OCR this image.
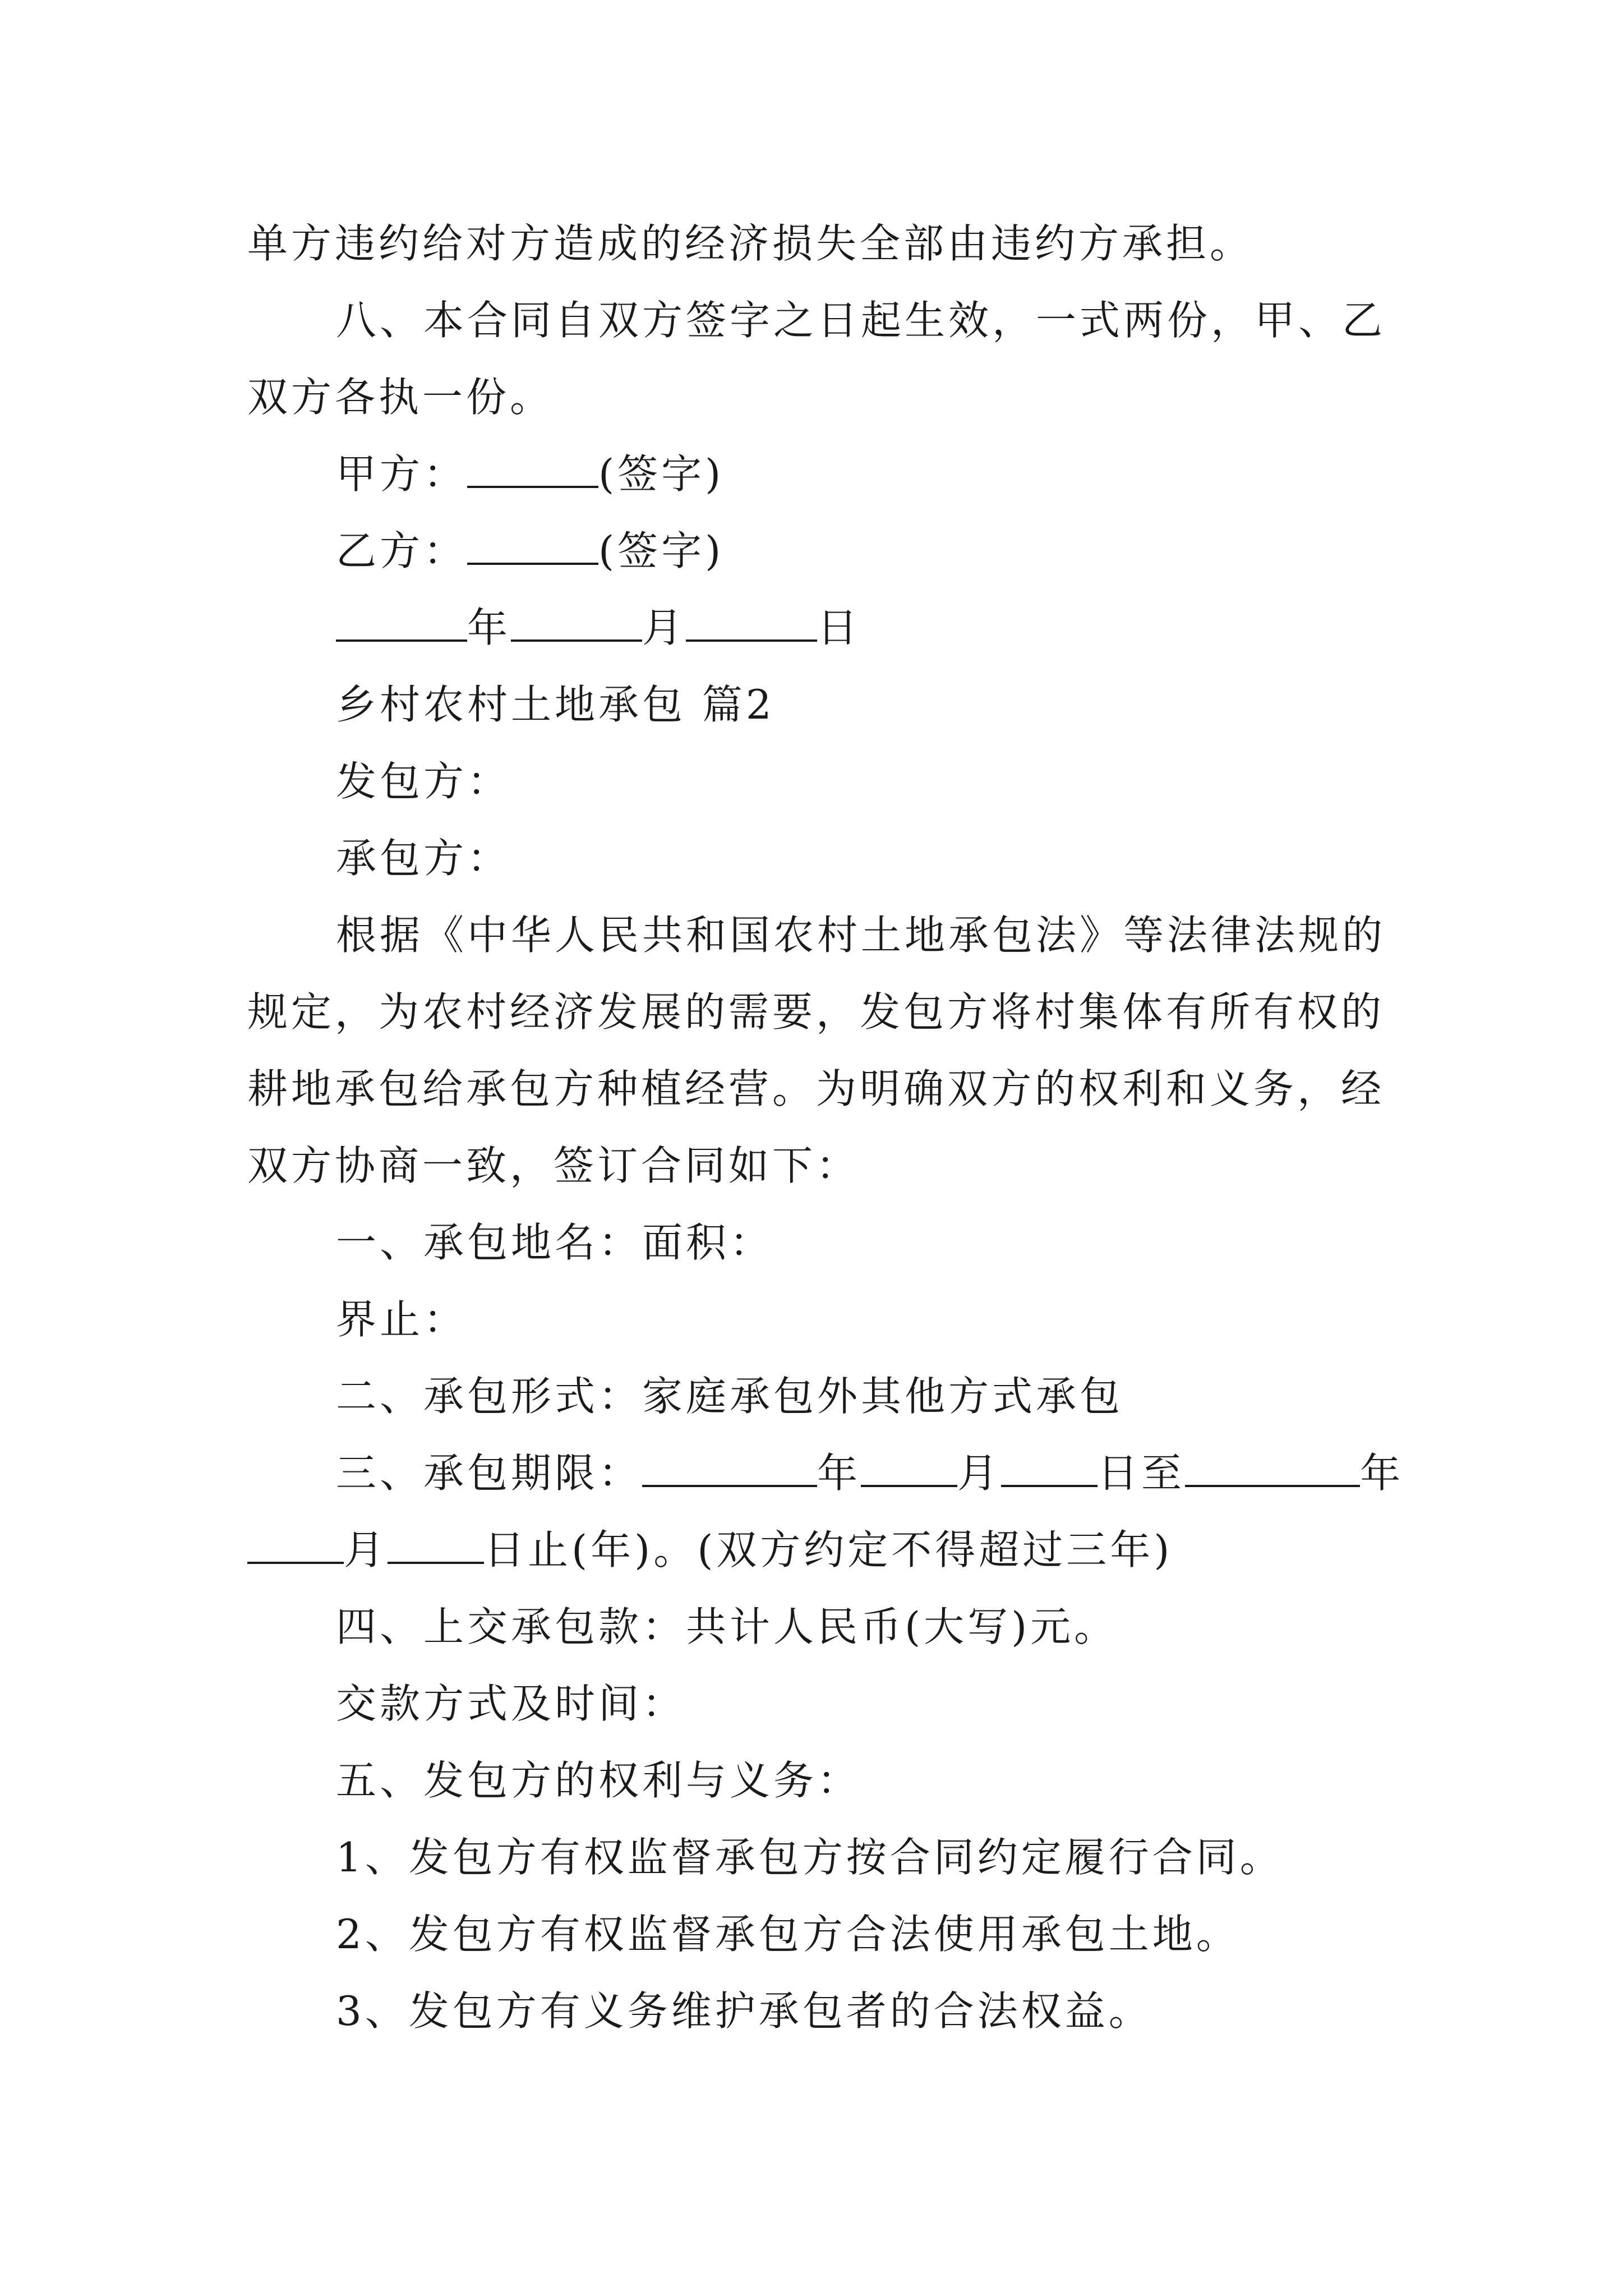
单方违约给对方造成的经济损失全部由违约方承担。
八、本合同自双方签字之日起生效，一式两份，甲、乙
双方各执一份。
甲方：	(签字)
乙方：	(签字)
年	月	日
乡村农村土地承包 篇2
发包方：
承包方：
根据《中华人民共和国农村土地承包法》等法律法规的
规定，为农村经济发展的需要，发包方将村集体有所有权的
耕地承包给承包方种植经营。为明确双方的权利和义务，经
双方协商一致，签订合同如下：
一、承包地名：面积：
界止：
二、承包形式：家庭承包外其他方式承包
三、承包期限：	年 月 日至	年
月 日止(年)。(双方约定不得超过三年)
四、上交承包款：共计人民币(大写)元。
交款方式及时间：
五、发包方的权利与义务：
1、发包方有权监督承包方按合同约定履行合同。
2、发包方有权监督承包方合法使用承包土地。
3、发包方有义务维护承包者的合法权益。
